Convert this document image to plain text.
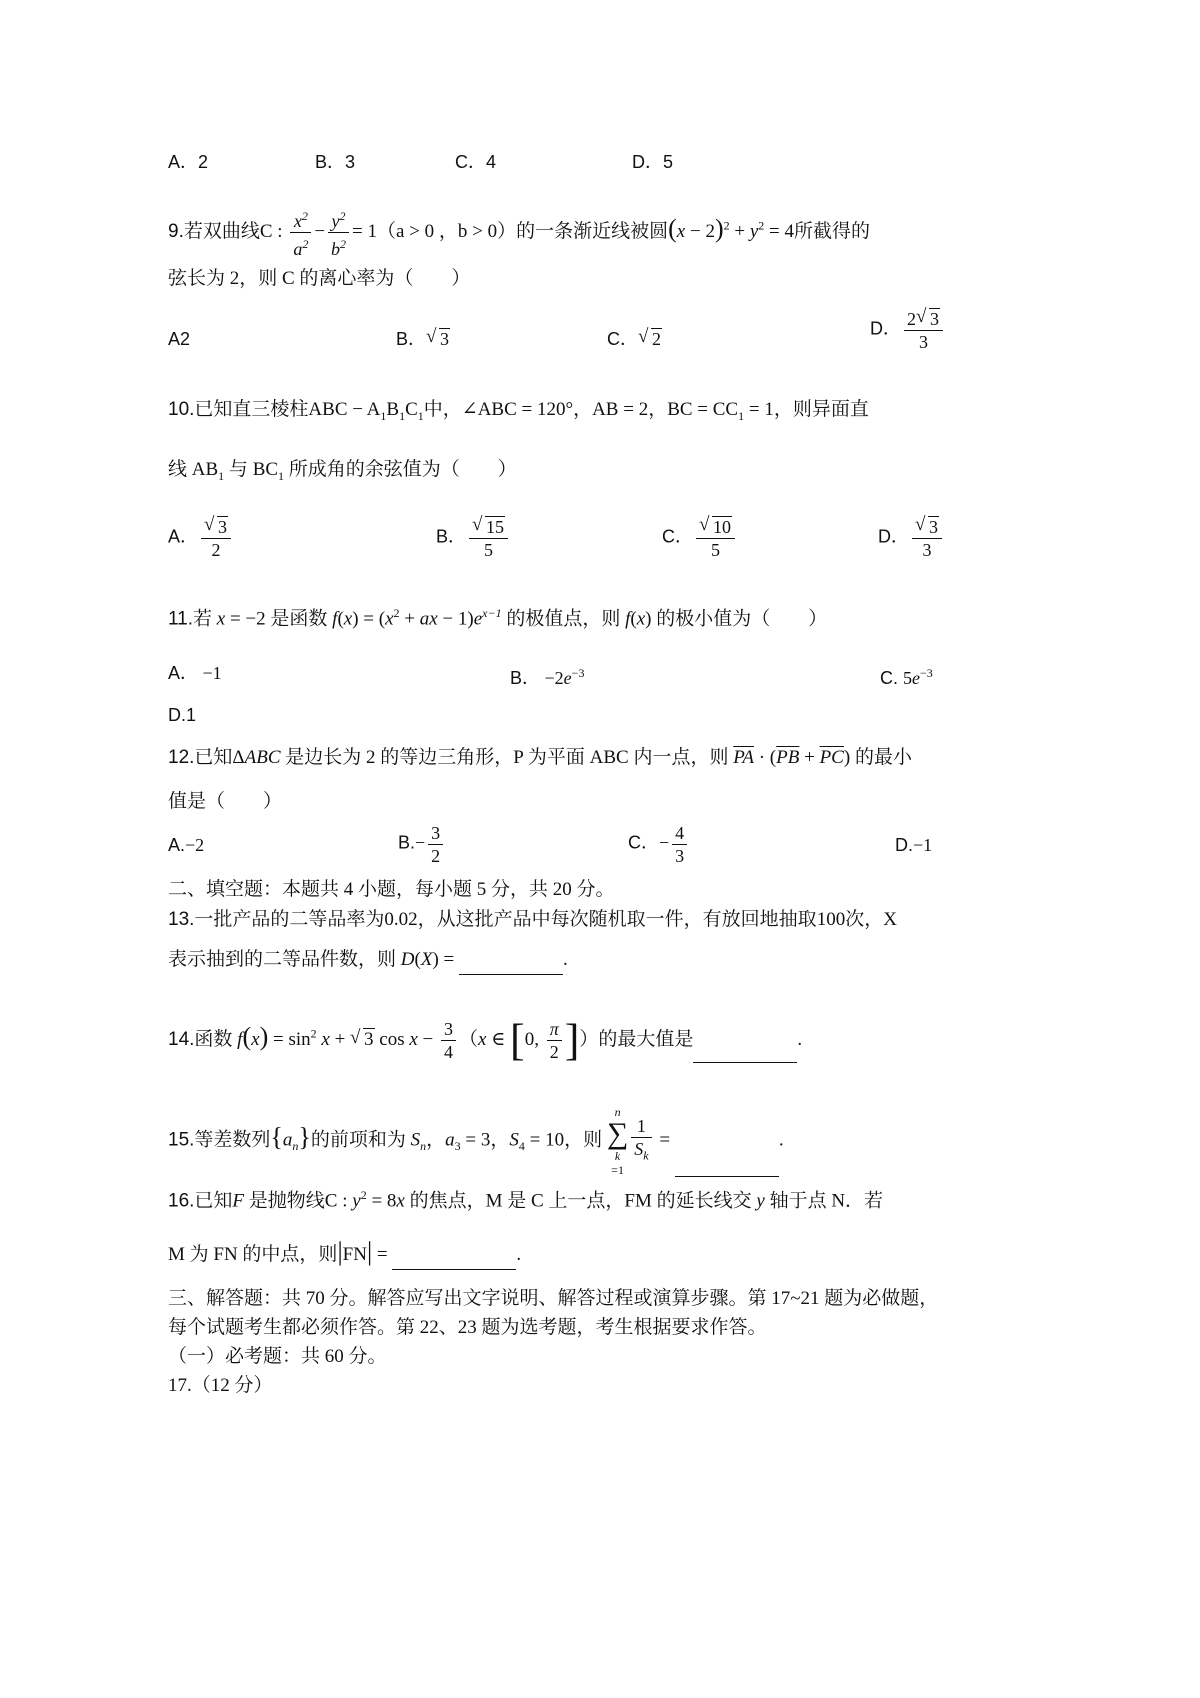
A．2	B．3	C．4	D．5
9.若双曲线C : $\frac{x^2}{a^2} - \frac{y^2}{b^2} = 1(a > 0$ ，b > 0）的一条渐近线被圆$(x - 2)^2 + y^2 = 4$所截得的
弦长为 2，则 C 的离心率为（　　）
A2	B． √ 3	C． √ 2
D． $\frac{2 √ 3}{3}$
10.已知直三棱柱ABC − $A_1B_1C_1$中，∠ABC = 120°，AB = 2，BC = $CC_1 = 1$，则异面直
线 $AB_1$ 与 $BC_1$ 所成角的余弦值为（　　）
A． √ $\frac{3}{2}$	B． √ $\frac{15}{5}$	C． √ $\frac{10}{5}$	D． √ $\frac{3}{3}$
11.若 x = −2 是函数 $f(x) = (x^2$ + ax − $1)e^{x-1}$ 的极值点，则 f(x) 的极小值为（　　）
A． −1	B． $-2e^{-3}$	C. $5e^{-3}$
D.1
12.已知ΔABC 是边长为 2 的等边三角形，P 为平面 ABC 内一点，则 $\overline{PA} \cdot (\overline{PB} + \overline{PC})$ 的最小
值是（　　）
A.−2	$B.- \frac{3}{2}$	C．− $\frac{4}{3}$	D.−1
二、填空题：本题共 4 小题，每小题 5 分，共 20 分。
13.一批产品的二等品率为0.02，从这批产品中每次随机取一件，有放回地抽取100次，X
表示抽到的二等品件数，则 D(X) =	.
14.函数 $f(x) = \sin^2 x$ + √ 3 $\cos x - \frac{3}{4} (x$ ∈ [0, $\frac{\pi}{2}$ ]）的最大值是	.
15.等差数列$\{a_n\}$的前项和为 $S_n$，$a_3 = 3$，$S_4 = 10$，则
n
∑
k
=1
$\frac{1}{S_k}$ =	.
16.已知F 是抛物线C : $y^2 = 8x$ 的焦点，M 是 C 上一点，FM 的延长线交 y 轴于点 N．若
M 为 FN 的中点，则|FN| =	.
三、解答题：共 70 分。解答应写出文字说明、解答过程或演算步骤。第 17~21 题为必做题，
每个试题考生都必须作答。第 22、23 题为选考题，考生根据要求作答。
（一）必考题：共 60 分。
17.（12 分）
